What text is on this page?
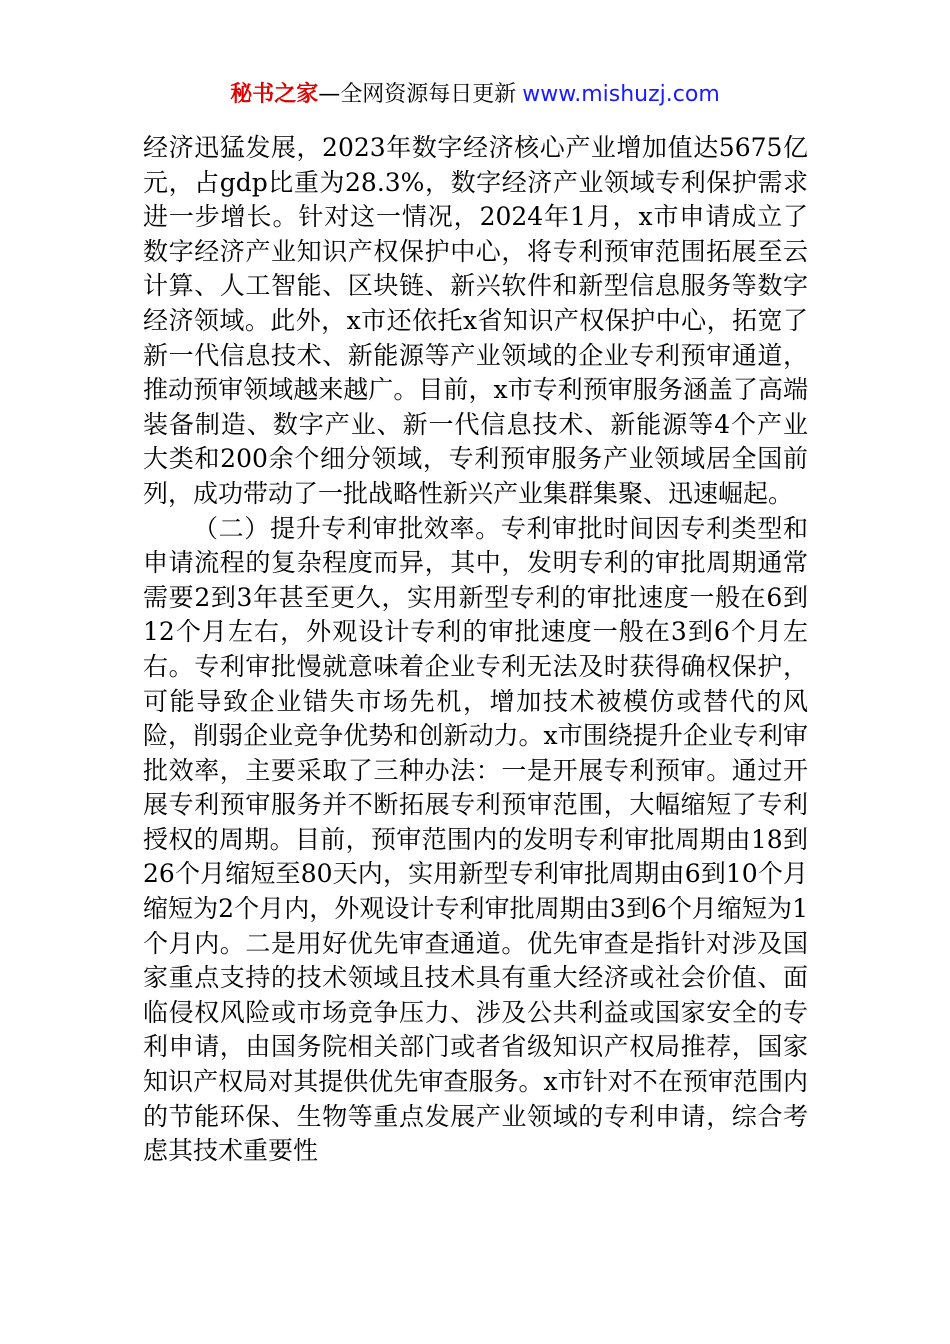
秘书之家—全网资源每日更新 www.mishuzj.com

经济迅猛发展，2023年数字经济核心产业增加值达5675亿元，占gdp比重为28.3%，数字经济产业领域专利保护需求进一步增长。针对这一情况，2024年1月，x市申请成立了数字经济产业知识产权保护中心，将专利预审范围拓展至云计算、人工智能、区块链、新兴软件和新型信息服务等数字经济领域。此外，x市还依托x省知识产权保护中心，拓宽了新一代信息技术、新能源等产业领域的企业专利预审通道，推动预审领域越来越广。目前，x市专利预审服务涵盖了高端装备制造、数字产业、新一代信息技术、新能源等4个产业大类和200余个细分领域，专利预审服务产业领域居全国前列，成功带动了一批战略性新兴产业集群集聚、迅速崛起。

（二）提升专利审批效率。专利审批时间因专利类型和申请流程的复杂程度而异，其中，发明专利的审批周期通常需要2到3年甚至更久，实用新型专利的审批速度一般在6到12个月左右，外观设计专利的审批速度一般在3到6个月左右。专利审批慢就意味着企业专利无法及时获得确权保护，可能导致企业错失市场先机，增加技术被模仿或替代的风险，削弱企业竞争优势和创新动力。x市围绕提升企业专利审批效率，主要采取了三种办法：一是开展专利预审。通过开展专利预审服务并不断拓展专利预审范围，大幅缩短了专利授权的周期。目前，预审范围内的发明专利审批周期由18到26个月缩短至80天内，实用新型专利审批周期由6到10个月缩短为2个月内，外观设计专利审批周期由3到6个月缩短为1个月内。二是用好优先审查通道。优先审查是指针对涉及国家重点支持的技术领域且技术具有重大经济或社会价值、面临侵权风险或市场竞争压力、涉及公共利益或国家安全的专利申请，由国务院相关部门或者省级知识产权局推荐，国家知识产权局对其提供优先审查服务。x市针对不在预审范围内的节能环保、生物等重点发展产业领域的专利申请，综合考虑其技术重要性
